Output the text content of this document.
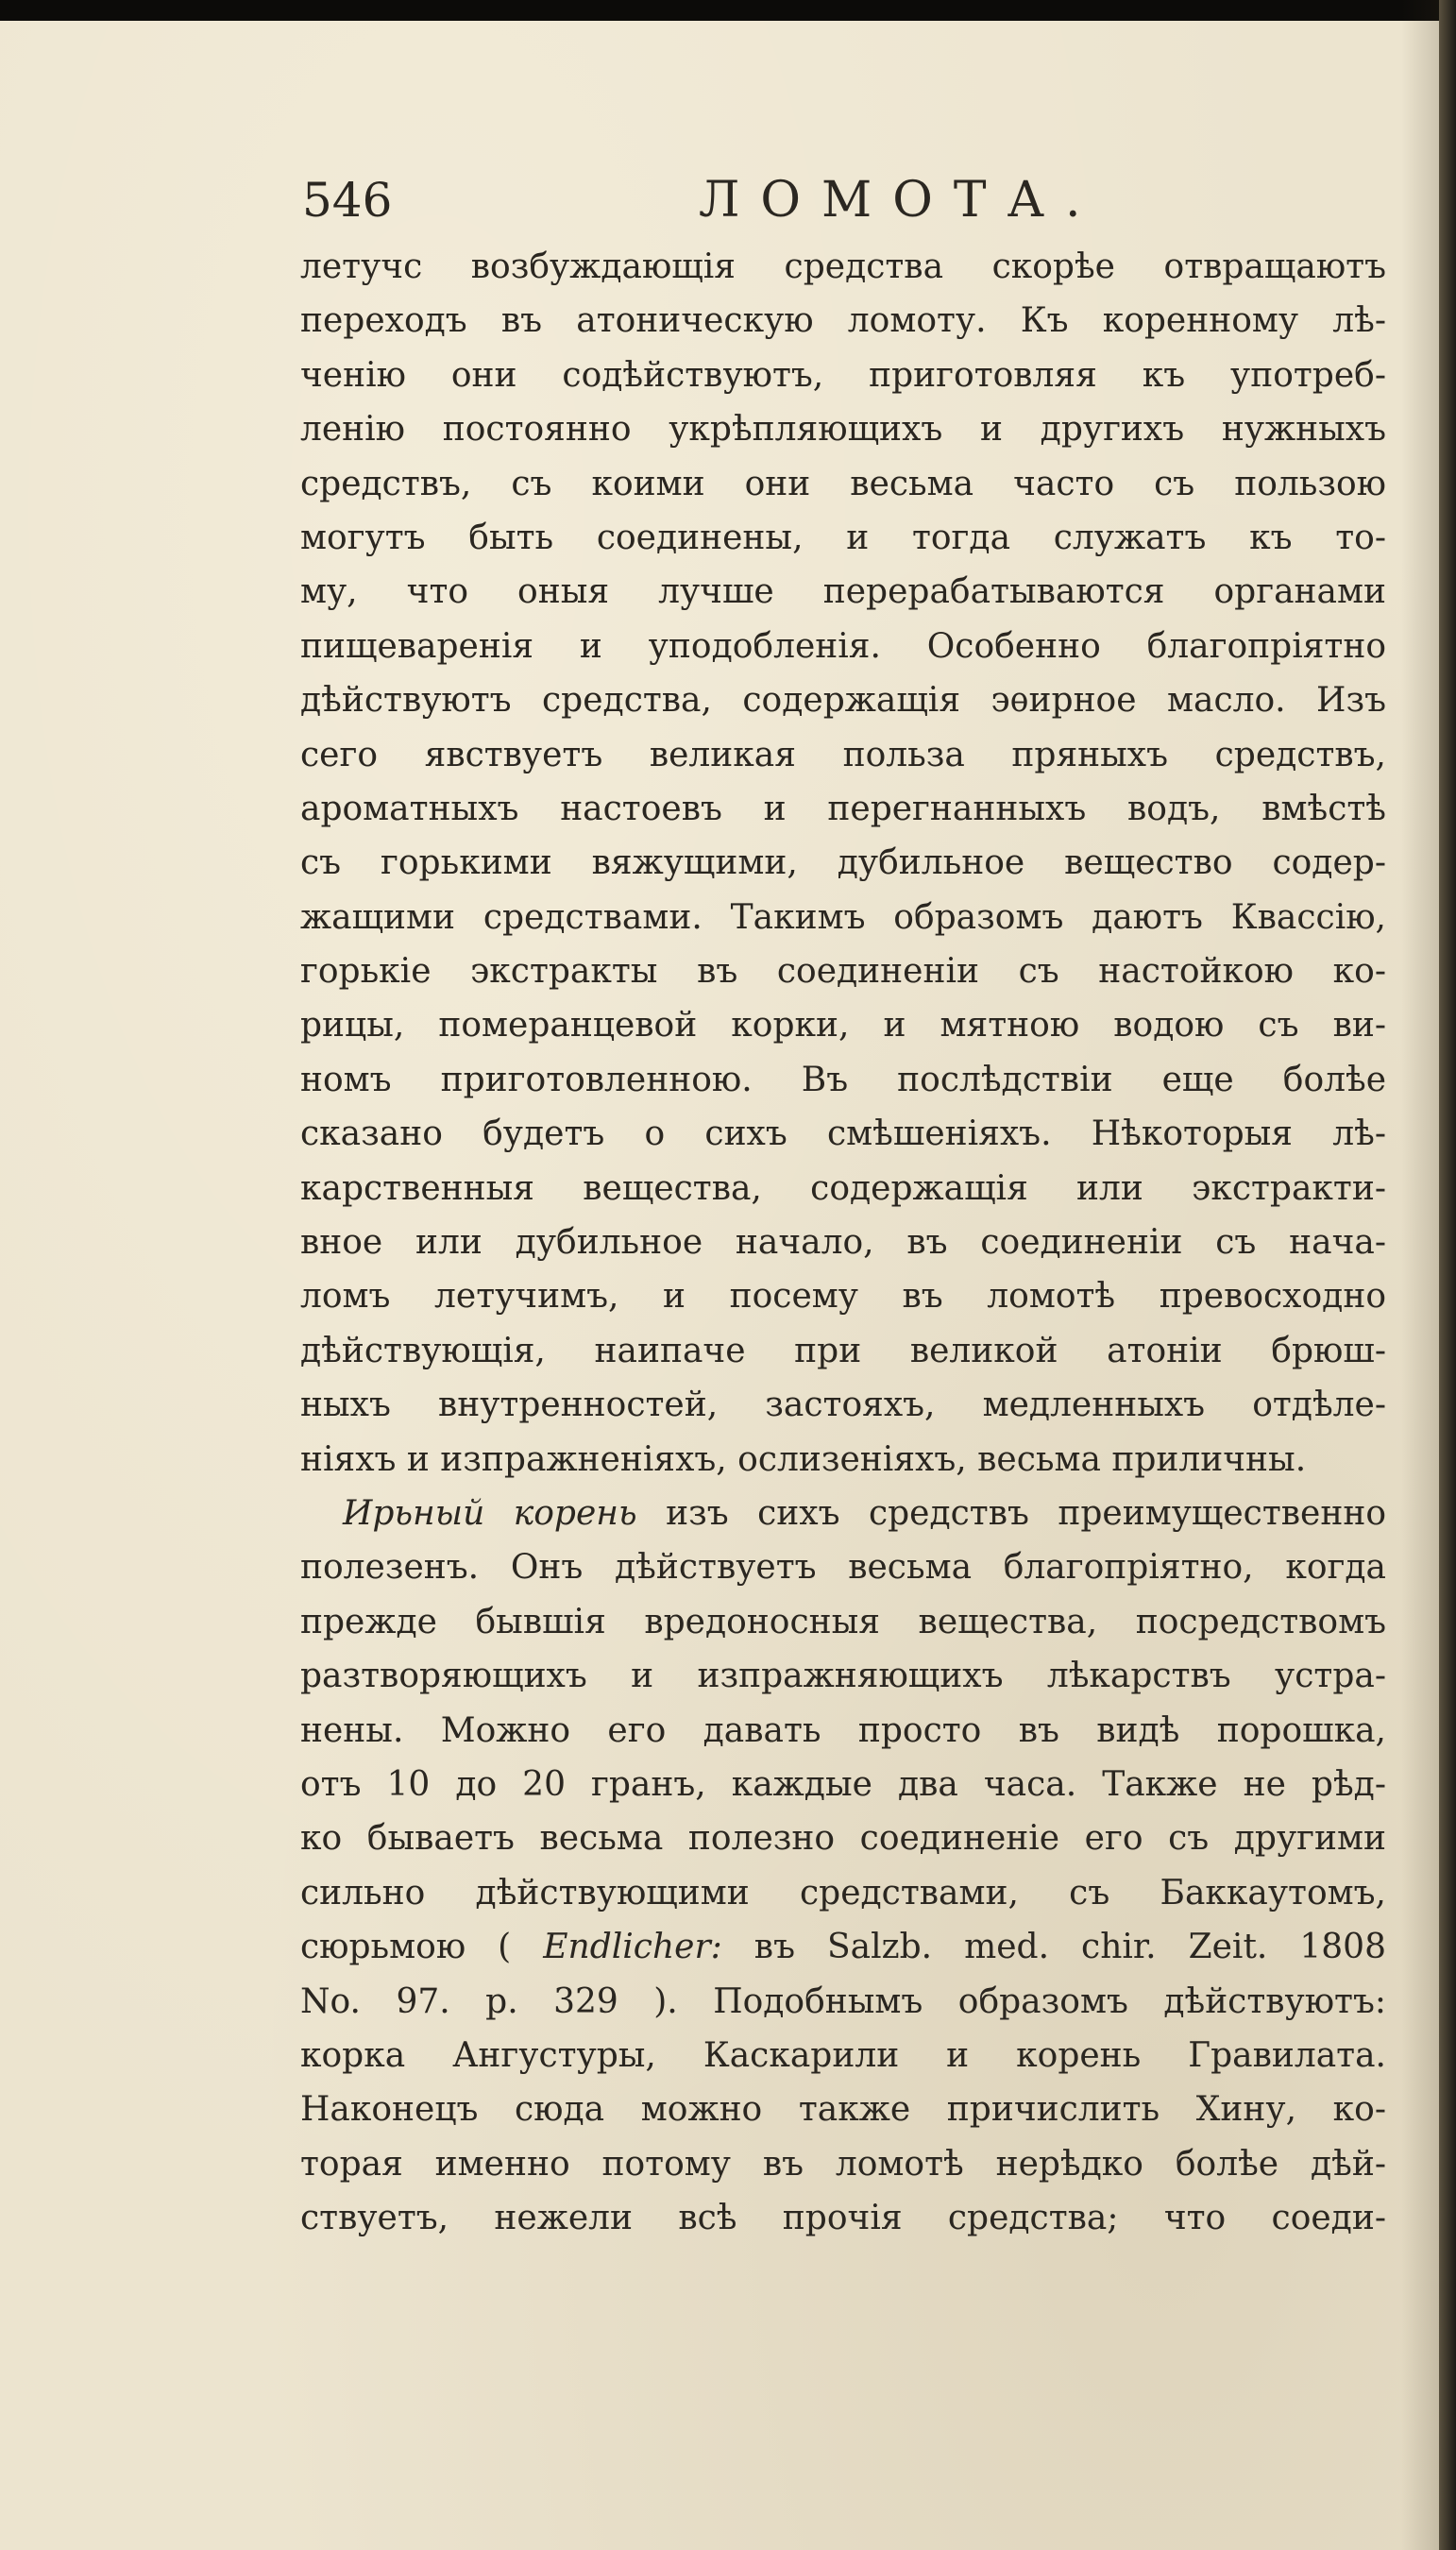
546	ЛОМОТА.
летучс возбуждающія средства скорѣе отвращаютъ
переходъ въ атоническую ломоту. Къ коренному лѣ-
ченію они содѣйствуютъ, приготовляя къ употреб-
ленію постоянно укрѣпляющихъ и другихъ нужныхъ
средствъ, съ коими они весьма часто съ пользою
могутъ быть соединены, и тогда служатъ къ то-
му, что оныя лучше перерабатываются органами
пищеваренія и уподобленія. Особенно благопріятно
дѣйствуютъ средства, содержащія эѳирное масло. Изъ
сего явствуетъ великая польза пряныхъ средствъ,
ароматныхъ настоевъ и перегнанныхъ водъ, вмѣстѣ
съ горькими вяжущими, дубильное вещество содер-
жащими средствами. Такимъ образомъ даютъ Квассію,
горькіе экстракты въ соединеніи съ настойкою ко-
рицы, померанцевой корки, и мятною водою съ ви-
номъ приготовленною. Въ послѣдствіи еще болѣе
сказано будетъ о сихъ смѣшеніяхъ. Нѣкоторыя лѣ-
карственныя вещества, содержащія или экстракти-
вное или дубильное начало, въ соединеніи съ нача-
ломъ летучимъ, и посему въ ломотѣ превосходно
дѣйствующія, наипаче при великой атоніи брюш-
ныхъ внутренностей, застояхъ, медленныхъ отдѣле-
ніяхъ и изпражненіяхъ, ослизеніяхъ, весьма приличны.
Ирьный корень изъ сихъ средствъ преимущественно
полезенъ. Онъ дѣйствуетъ весьма благопріятно, когда
прежде бывшія вредоносныя вещества, посредствомъ
разтворяющихъ и изпражняющихъ лѣкарствъ устра-
нены. Можно его давать просто въ видѣ порошка,
отъ 10 до 20 гранъ, каждые два часа. Также не рѣд-
ко бываетъ весьма полезно соединеніе его съ другими
сильно дѣйствующими средствами, съ Баккаутомъ,
сюрьмою ( Endlicher: въ Salzb. med. chir. Zeit. 1808
No. 97. p. 329 ). Подобнымъ образомъ дѣйствуютъ:
корка Ангустуры, Каскарили и корень Гравилата.
Наконецъ сюда можно также причислить Хину, ко-
торая именно потому въ ломотѣ нерѣдко болѣе дѣй-
ствуетъ, нежели всѣ прочія средства; что соеди-
